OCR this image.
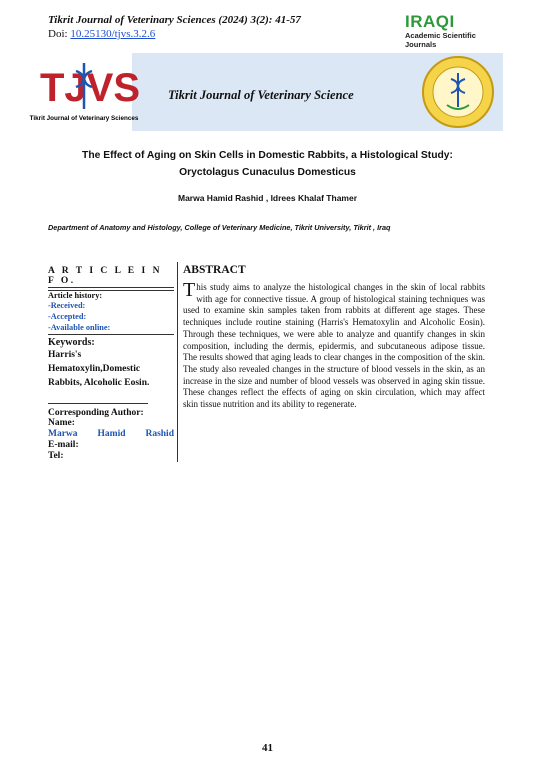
Tikrit Journal of Veterinary Sciences (2024) 3(2): 41-57
Doi: 10.25130/tjvs.3.2.6
IRAQI
Academic Scientific Journals
TJVS
Tikrit Journal of Veterinary Sciences
Tikrit Journal of Veterinary Science
The Effect of Aging on Skin Cells in Domestic Rabbits, a Histological Study:
Oryctolagus Cunaculus Domesticus
Marwa Hamid Rashid , Idrees Khalaf Thamer
Department of Anatomy and Histology, College of Veterinary Medicine, Tikrit University, Tikrit , Iraq
A R T I C L E I N F O.
Article history:
-Received:
-Accepted:
-Available online:
Keywords:
Harris's Hematoxylin,Domestic Rabbits, Alcoholic Eosin.
Corresponding Author:
Name:
Marwa Hamid Rashid
E-mail:
Tel:
ABSTRACT
This study aims to analyze the histological changes in the skin of local rabbits with age for connective tissue. A group of histological staining techniques was used to examine skin samples taken from rabbits at different age stages. These techniques include routine staining (Harris's Hematoxylin and Alcoholic Eosin). Through these techniques, we were able to analyze and quantify changes in skin composition, including the dermis, epidermis, and subcutaneous adipose tissue. The results showed that aging leads to clear changes in the composition of the skin. The study also revealed changes in the structure of blood vessels in the skin, as an increase in the size and number of blood vessels was observed in aging skin tissue. These changes reflect the effects of aging on skin circulation, which may affect skin tissue nutrition and its ability to regenerate.
41
